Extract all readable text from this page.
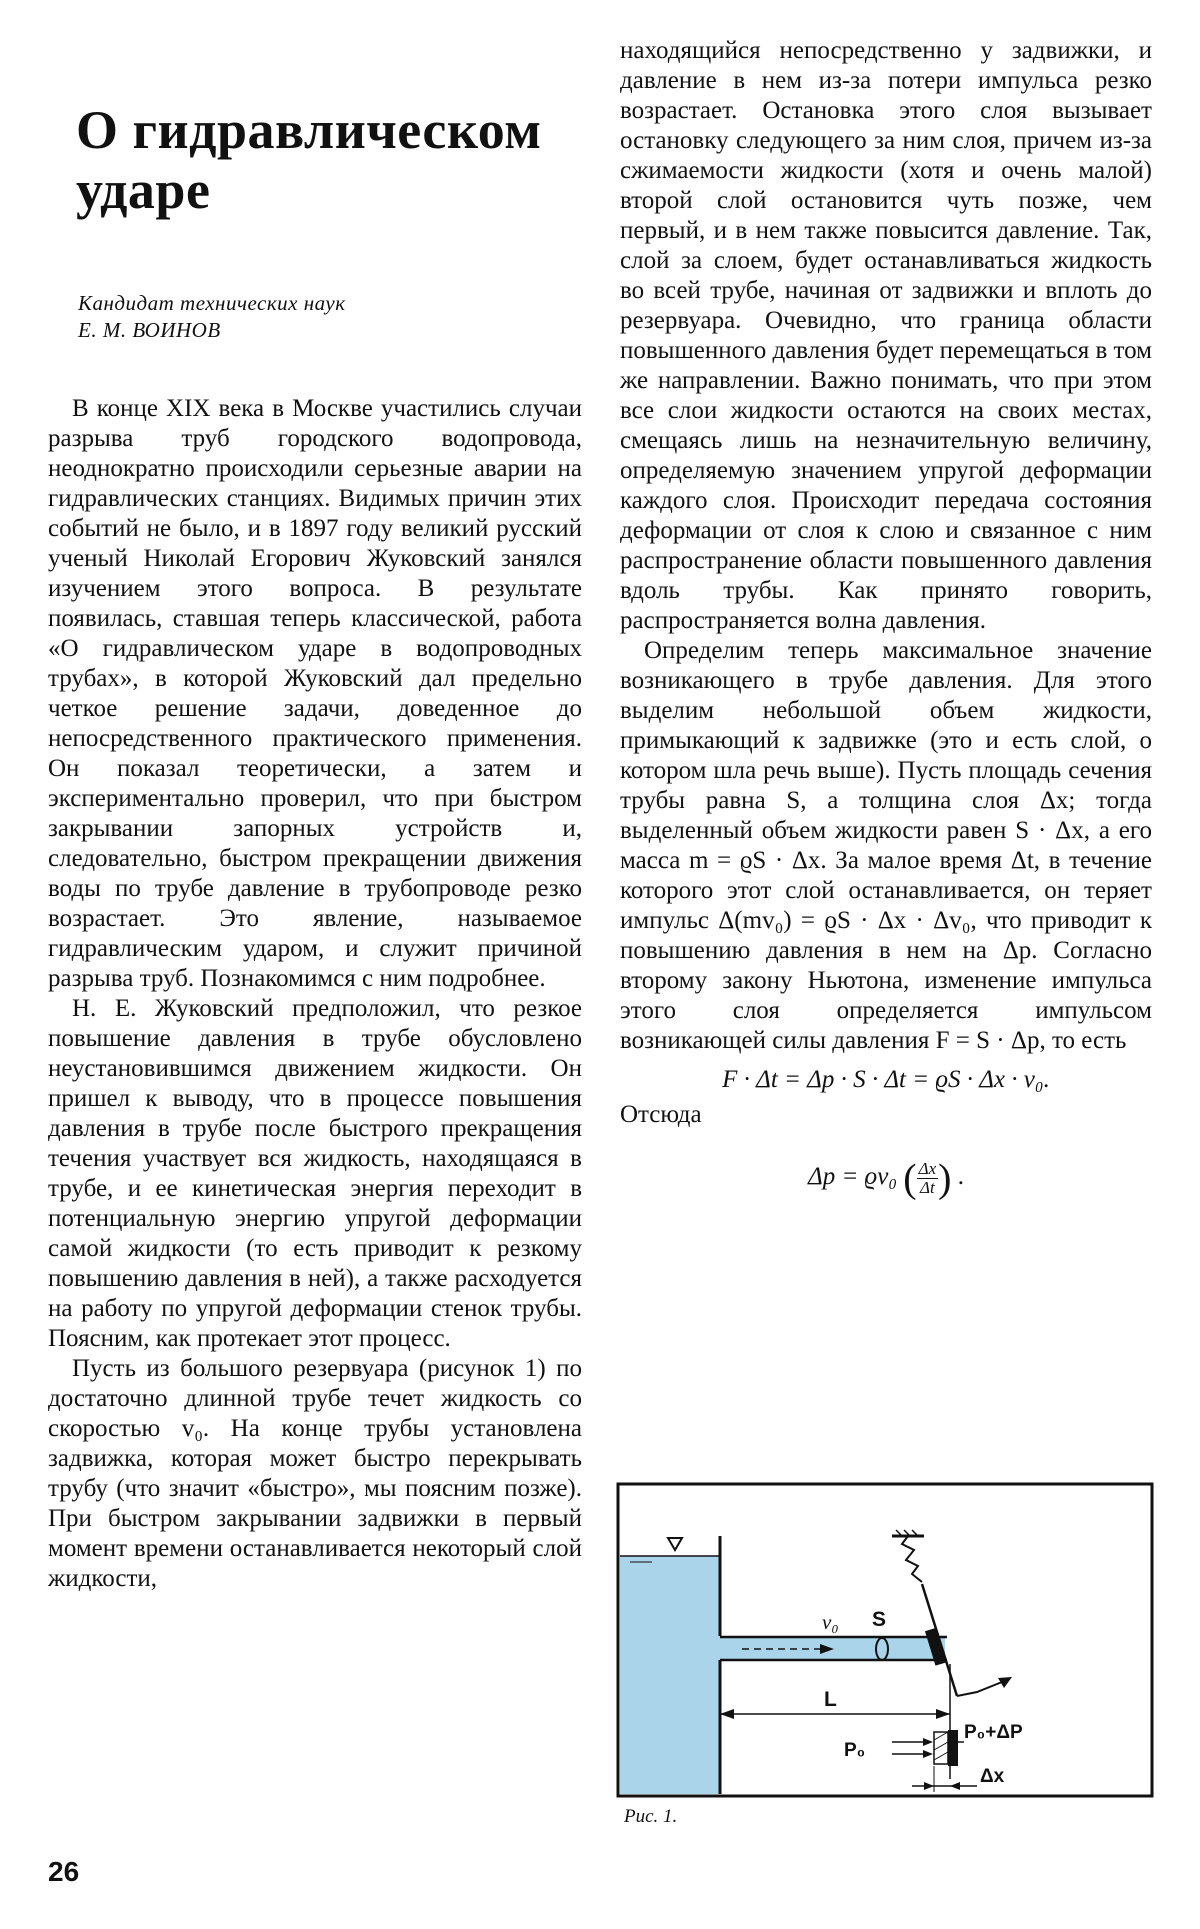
О гидравлическом ударе
Кандидат технических наук
Е. М. ВОИНОВ

В конце XIX века в Москве участились случаи разрыва труб городского водопровода, неоднократно происходили серьезные аварии на гидравлических станциях. Видимых причин этих событий не было, и в 1897 году великий русский ученый Николай Егорович Жуковский занялся изучением этого вопроса. В результате появилась, ставшая теперь классической, работа «О гидравлическом ударе в водопроводных трубах», в которой Жуковский дал предельно четкое решение задачи, доведенное до непосредственного практического применения. Он показал теоретически, а затем и экспериментально проверил, что при быстром закрывании запорных устройств и, следовательно, быстром прекращении движения воды по трубе давление в трубопроводе резко возрастает. Это явление, называемое гидравлическим ударом, и служит причиной разрыва труб. Познакомимся с ним подробнее.

Н. Е. Жуковский предположил, что резкое повышение давления в трубе обусловлено неустановившимся движением жидкости. Он пришел к выводу, что в процессе повышения давления в трубе после быстрого прекращения течения участвует вся жидкость, находящаяся в трубе, и ее кинетическая энергия переходит в потенциальную энергию упругой деформации самой жидкости (то есть приводит к резкому повышению давления в ней), а также расходуется на работу по упругой деформации стенок трубы. Поясним, как протекает этот процесс.

Пусть из большого резервуара (рисунок 1) по достаточно длинной трубе течет жидкость со скоростью v₀. На конце трубы установлена задвижка, которая может быстро перекрывать трубу (что значит «быстро», мы поясним позже). При быстром закрывании задвижки в первый момент времени останавливается некоторый слой жидкости,

находящийся непосредственно у задвижки, и давление в нем из-за потери импульса резко возрастает. Остановка этого слоя вызывает остановку следующего за ним слоя, причем из-за сжимаемости жидкости (хотя и очень малой) второй слой остановится чуть позже, чем первый, и в нем также повысится давление. Так, слой за слоем, будет останавливаться жидкость во всей трубе, начиная от задвижки и вплоть до резервуара. Очевидно, что граница области повышенного давления будет перемещаться в том же направлении. Важно понимать, что при этом все слои жидкости остаются на своих местах, смещаясь лишь на незначительную величину, определяемую значением упругой деформации каждого слоя. Происходит передача состояния деформации от слоя к слою и связанное с ним распространение области повышенного давления вдоль трубы. Как принято говорить, распространяется волна давления.

Определим теперь максимальное значение возникающего в трубе давления. Для этого выделим небольшой объем жидкости, примыкающий к задвижке (это и есть слой, о котором шла речь выше). Пусть площадь сечения трубы равна S, а толщина слоя Δx; тогда выделенный объем жидкости равен S · Δx, а его масса m = ϱS · Δx. За малое время Δt, в течение которого этот слой останавливается, он теряет импульс Δ(mv₀) = ϱS · Δx · Δv₀, что приводит к повышению давления в нем на Δp. Согласно второму закону Ньютона, изменение импульса этого слоя определяется импульсом возникающей силы давления F = S · Δp, то есть

F · Δt = Δp · S · Δt = ϱS · Δx · v₀.
Отсюда
Δp = ϱv₀ ( $\frac{\Delta x}{\Delta t}$ ) .
v₀ S
L
P₀
P₀+ΔP
Δx
Рис. 1.
26
